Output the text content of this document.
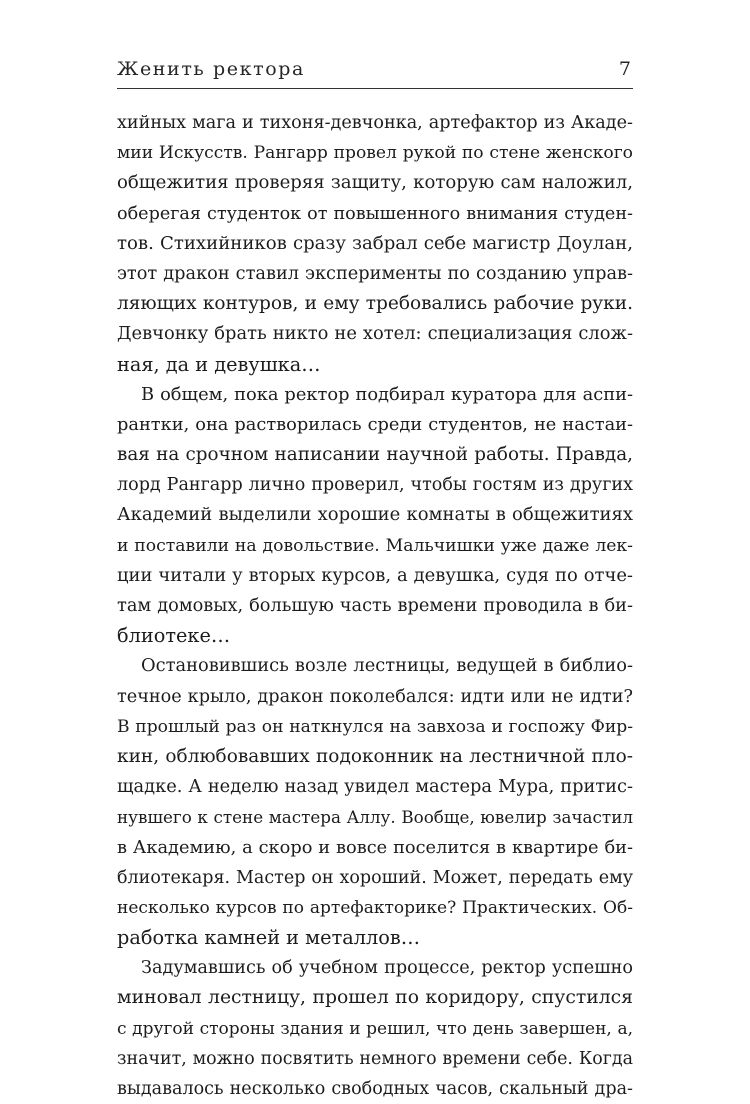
Женить ректора	7
хийных мага и тихоня-девчонка, артефактор из Акаде-
мии Искусств. Рангарр провел рукой по стене женского
общежития проверяя защиту, которую сам наложил,
оберегая студенток от повышенного внимания студен-
тов. Стихийников сразу забрал себе магистр Доулан,
этот дракон ставил эксперименты по созданию управ-
ляющих контуров, и ему требовались рабочие руки.
Девчонку брать никто не хотел: специализация слож-
ная, да и девушка…
В общем, пока ректор подбирал куратора для аспи-
рантки, она растворилась среди студентов, не настаи-
вая на срочном написании научной работы. Правда,
лорд Рангарр лично проверил, чтобы гостям из других
Академий выделили хорошие комнаты в общежитиях
и поставили на довольствие. Мальчишки уже даже лек-
ции читали у вторых курсов, а девушка, судя по отче-
там домовых, большую часть времени проводила в би-
блиотеке…
Остановившись возле лестницы, ведущей в библио-
течное крыло, дракон поколебался: идти или не идти?
В прошлый раз он наткнулся на завхоза и госпожу Фир-
кин, облюбовавших подоконник на лестничной пло-
щадке. А неделю назад увидел мастера Мура, притис-
нувшего к стене мастера Аллу. Вообще, ювелир зачастил
в Академию, а скоро и вовсе поселится в квартире би-
блиотекаря. Мастер он хороший. Может, передать ему
несколько курсов по артефакторике? Практических. Об-
работка камней и металлов…
Задумавшись об учебном процессе, ректор успешно
миновал лестницу, прошел по коридору, спустился
с другой стороны здания и решил, что день завершен, а,
значит, можно посвятить немного времени себе. Когда
выдавалось несколько свободных часов, скальный дра-
